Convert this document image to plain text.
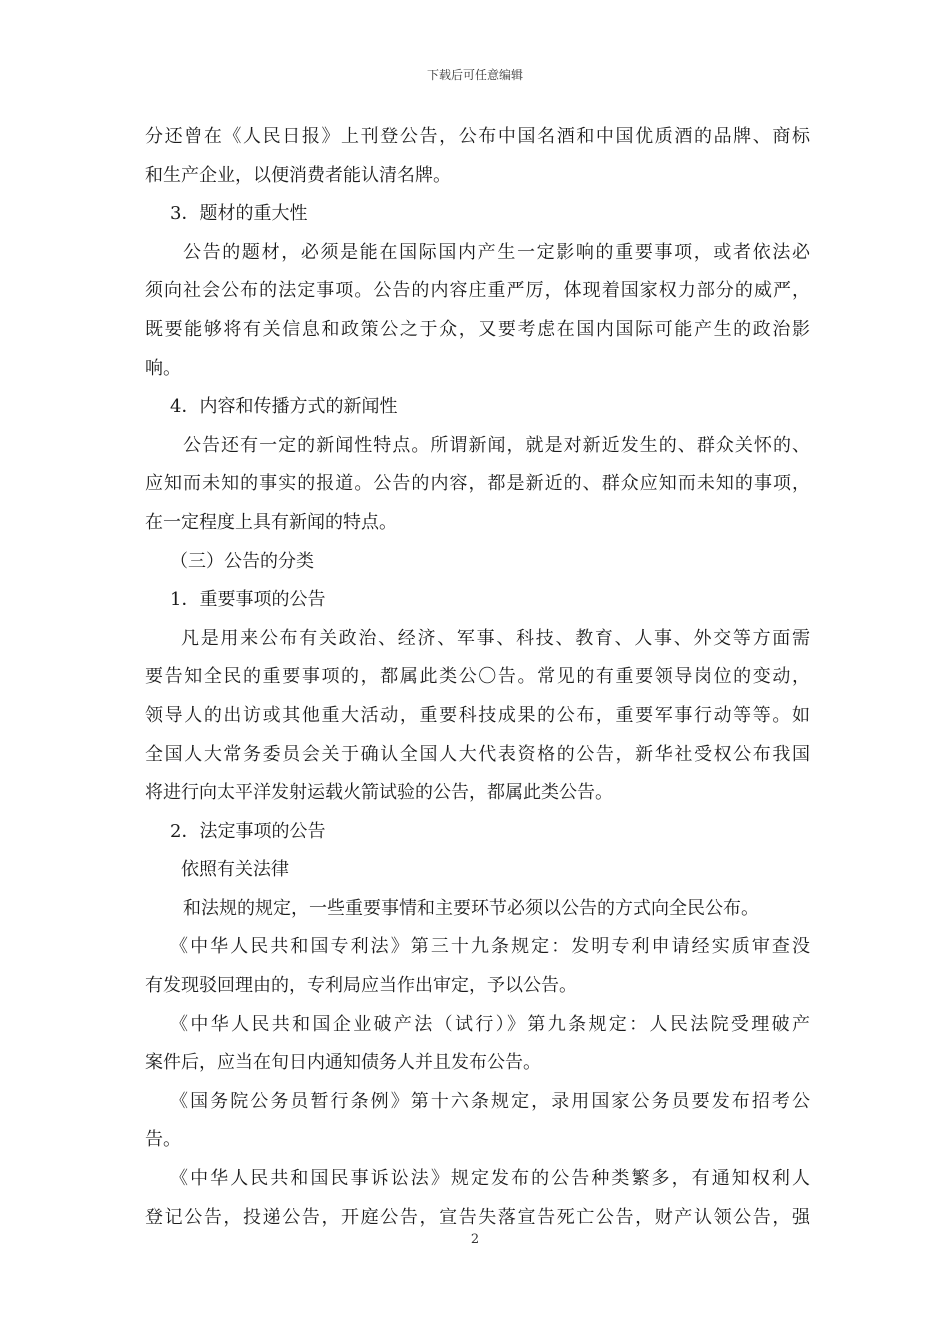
下载后可任意编辑
分还曾在《人民日报》上刊登公告，公布中国名酒和中国优质酒的品牌、商标
和生产企业，以便消费者能认清名牌。
3．题材的重大性
公告的题材，必须是能在国际国内产生一定影响的重要事项，或者依法必
须向社会公布的法定事项。公告的内容庄重严厉，体现着国家权力部分的威严，
既要能够将有关信息和政策公之于众，又要考虑在国内国际可能产生的政治影
响。
4．内容和传播方式的新闻性
公告还有一定的新闻性特点。所谓新闻，就是对新近发生的、群众关怀的、
应知而未知的事实的报道。公告的内容，都是新近的、群众应知而未知的事项，
在一定程度上具有新闻的特点。
（三）公告的分类
1．重要事项的公告
凡是用来公布有关政治、经济、军事、科技、教育、人事、外交等方面需
要告知全民的重要事项的，都属此类公〇告。常见的有重要领导岗位的变动，
领导人的出访或其他重大活动，重要科技成果的公布，重要军事行动等等。如
全国人大常务委员会关于确认全国人大代表资格的公告，新华社受权公布我国
将进行向太平洋发射运载火箭试验的公告，都属此类公告。
2．法定事项的公告
依照有关法律
和法规的规定，一些重要事情和主要环节必须以公告的方式向全民公布。
《中华人民共和国专利法》第三十九条规定：发明专利申请经实质审查没
有发现驳回理由的，专利局应当作出审定，予以公告。
《中华人民共和国企业破产法（试行）》第九条规定：人民法院受理破产
案件后，应当在旬日内通知债务人并且发布公告。
《国务院公务员暂行条例》第十六条规定，录用国家公务员要发布招考公
告。
《中华人民共和国民事诉讼法》规定发布的公告种类繁多，有通知权利人
登记公告，投递公告，开庭公告，宣告失落宣告死亡公告，财产认领公告，强
2
